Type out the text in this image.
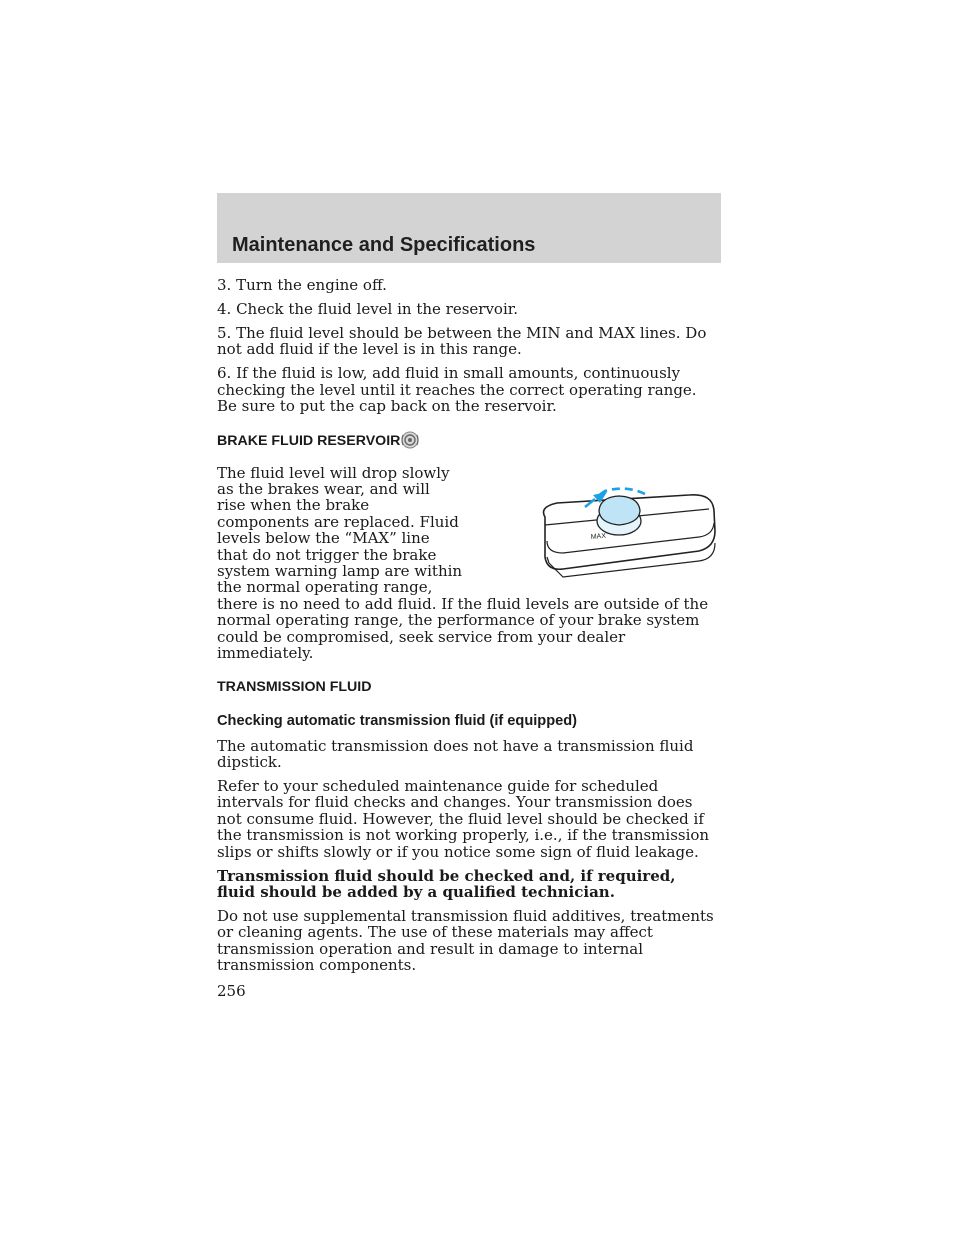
Maintenance and Specifications

3. Turn the engine off.

4. Check the fluid level in the reservoir.

5. The fluid level should be between the MIN and MAX lines. Do not add fluid if the level is in this range.

6. If the fluid is low, add fluid in small amounts, continuously checking the level until it reaches the correct operating range. Be sure to put the cap back on the reservoir.

BRAKE FLUID RESERVOIR
MAX

The fluid level will drop slowly as the brakes wear, and will rise when the brake components are replaced. Fluid levels below the “MAX” line that do not trigger the brake system warning lamp are within the normal operating range, there is no need to add fluid. If the fluid levels are outside of the normal operating range, the performance of your brake system could be compromised, seek service from your dealer immediately.

TRANSMISSION FLUID
Checking automatic transmission fluid (if equipped)

The automatic transmission does not have a transmission fluid dipstick.

Refer to your scheduled maintenance guide for scheduled intervals for fluid checks and changes. Your transmission does not consume fluid. However, the fluid level should be checked if the transmission is not working properly, i.e., if the transmission slips or shifts slowly or if you notice some sign of fluid leakage.

Transmission fluid should be checked and, if required, fluid should be added by a qualified technician.

Do not use supplemental transmission fluid additives, treatments or cleaning agents. The use of these materials may affect transmission operation and result in damage to internal transmission components.

256
